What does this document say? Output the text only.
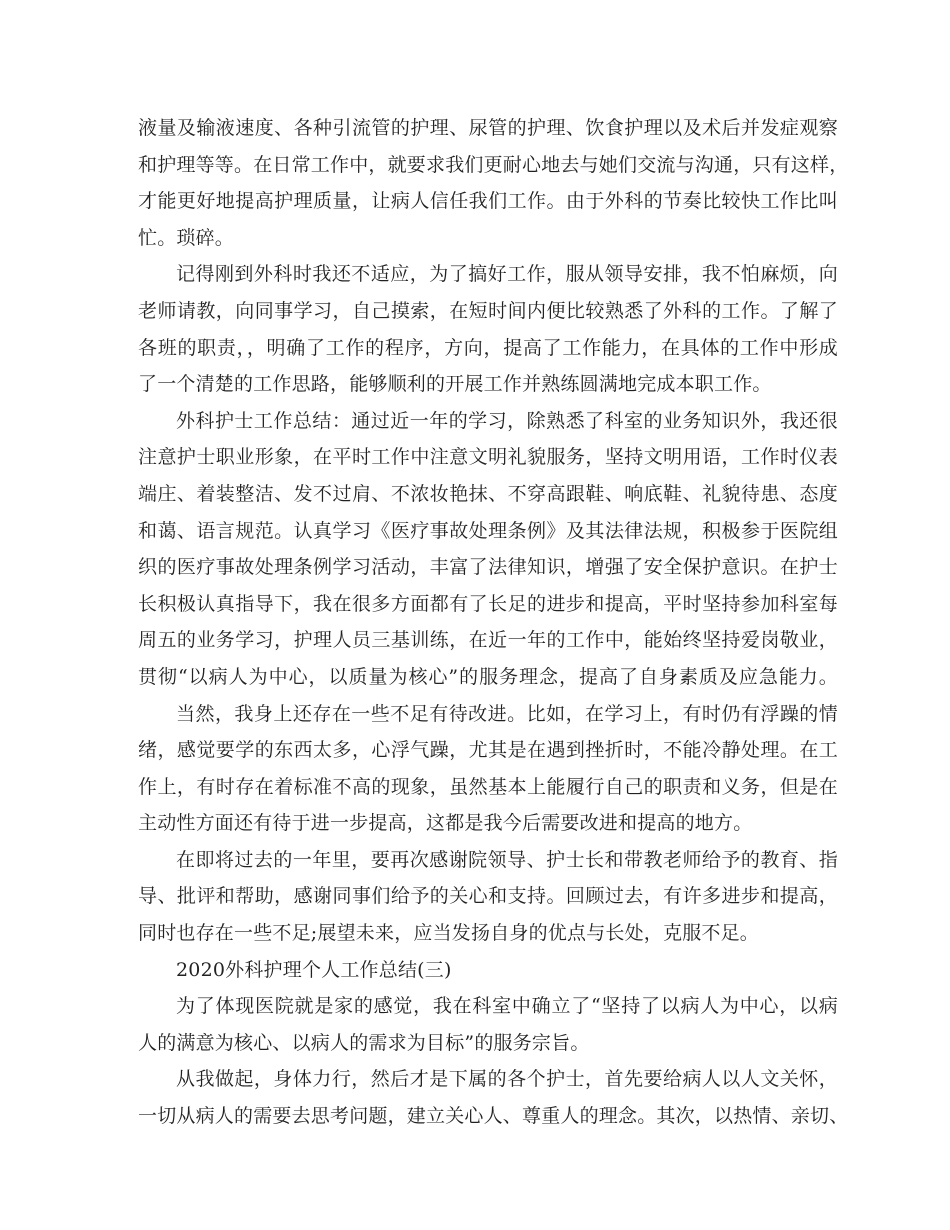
液量及输液速度、各种引流管的护理、尿管的护理、饮食护理以及术后并发症观察
和护理等等。在日常工作中，就要求我们更耐心地去与她们交流与沟通，只有这样，
才能更好地提高护理质量，让病人信任我们工作。由于外科的节奏比较快工作比叫
忙。琐碎。
记得刚到外科时我还不适应，为了搞好工作，服从领导安排，我不怕麻烦，向
老师请教，向同事学习，自己摸索，在短时间内便比较熟悉了外科的工作。了解了
各班的职责，，明确了工作的程序，方向，提高了工作能力，在具体的工作中形成
了一个清楚的工作思路，能够顺利的开展工作并熟练圆满地完成本职工作。
外科护士工作总结：通过近一年的学习，除熟悉了科室的业务知识外，我还很
注意护士职业形象，在平时工作中注意文明礼貌服务，坚持文明用语，工作时仪表
端庄、着装整洁、发不过肩、不浓妆艳抹、不穿高跟鞋、响底鞋、礼貌待患、态度
和蔼、语言规范。认真学习《医疗事故处理条例》及其法律法规，积极参于医院组
织的医疗事故处理条例学习活动，丰富了法律知识，增强了安全保护意识。在护士
长积极认真指导下，我在很多方面都有了长足的进步和提高，平时坚持参加科室每
周五的业务学习，护理人员三基训练，在近一年的工作中，能始终坚持爱岗敬业，
贯彻“以病人为中心，以质量为核心”的服务理念，提高了自身素质及应急能力。
当然，我身上还存在一些不足有待改进。比如，在学习上，有时仍有浮躁的情
绪，感觉要学的东西太多，心浮气躁，尤其是在遇到挫折时，不能冷静处理。在工
作上，有时存在着标准不高的现象，虽然基本上能履行自己的职责和义务，但是在
主动性方面还有待于进一步提高，这都是我今后需要改进和提高的地方。
在即将过去的一年里，要再次感谢院领导、护士长和带教老师给予的教育、指
导、批评和帮助，感谢同事们给予的关心和支持。回顾过去，有许多进步和提高，
同时也存在一些不足;展望未来，应当发扬自身的优点与长处，克服不足。
2020外科护理个人工作总结(三)
为了体现医院就是家的感觉，我在科室中确立了“坚持了以病人为中心，以病
人的满意为核心、以病人的需求为目标”的服务宗旨。
从我做起，身体力行，然后才是下属的各个护士，首先要给病人以人文关怀，
一切从病人的需要去思考问题，建立关心人、尊重人的理念。其次，以热情、亲切、
